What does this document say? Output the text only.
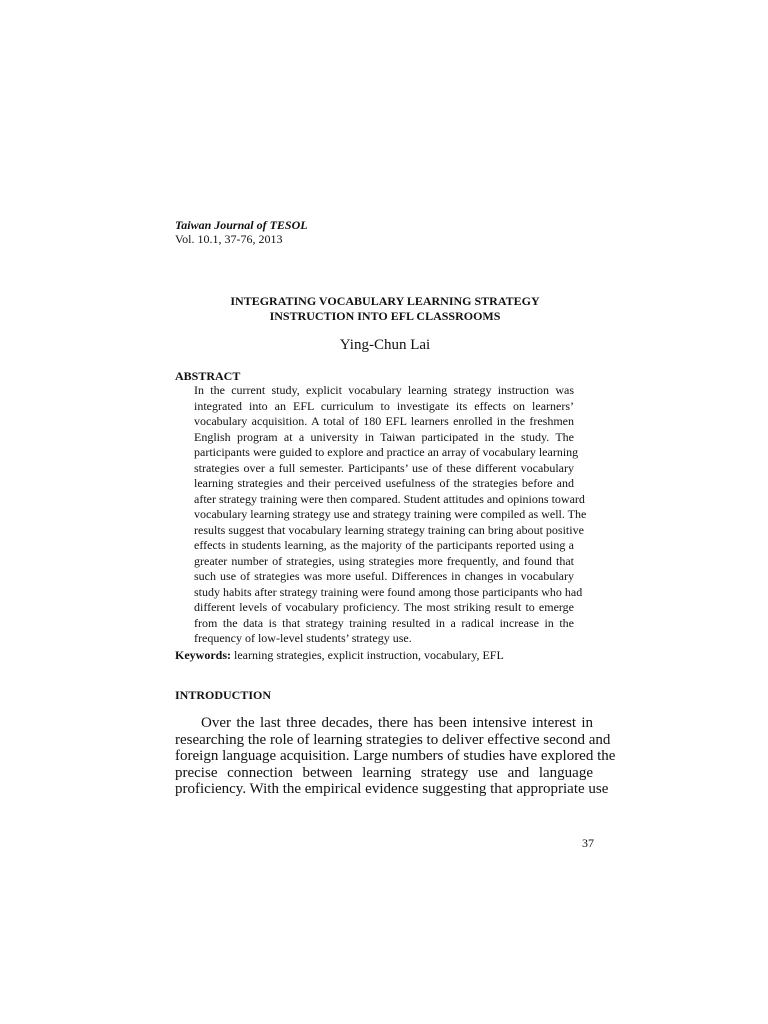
Taiwan Journal of TESOL
Vol. 10.1, 37-76, 2013
INTEGRATING VOCABULARY LEARNING STRATEGY
INSTRUCTION INTO EFL CLASSROOMS
Ying-Chun Lai
ABSTRACT
In the current study, explicit vocabulary learning strategy instruction was
integrated into an EFL curriculum to investigate its effects on learners’
vocabulary acquisition. A total of 180 EFL learners enrolled in the freshmen
English program at a university in Taiwan participated in the study. The
participants were guided to explore and practice an array of vocabulary learning
strategies over a full semester. Participants’ use of these different vocabulary
learning strategies and their perceived usefulness of the strategies before and
after strategy training were then compared. Student attitudes and opinions toward
vocabulary learning strategy use and strategy training were compiled as well. The
results suggest that vocabulary learning strategy training can bring about positive
effects in students learning, as the majority of the participants reported using a
greater number of strategies, using strategies more frequently, and found that
such use of strategies was more useful. Differences in changes in vocabulary
study habits after strategy training were found among those participants who had
different levels of vocabulary proficiency. The most striking result to emerge
from the data is that strategy training resulted in a radical increase in the
frequency of low-level students’ strategy use.
Keywords: learning strategies, explicit instruction, vocabulary, EFL
INTRODUCTION
Over the last three decades, there has been intensive interest in
researching the role of learning strategies to deliver effective second and
foreign language acquisition. Large numbers of studies have explored the
precise connection between learning strategy use and language
proficiency. With the empirical evidence suggesting that appropriate use
37
